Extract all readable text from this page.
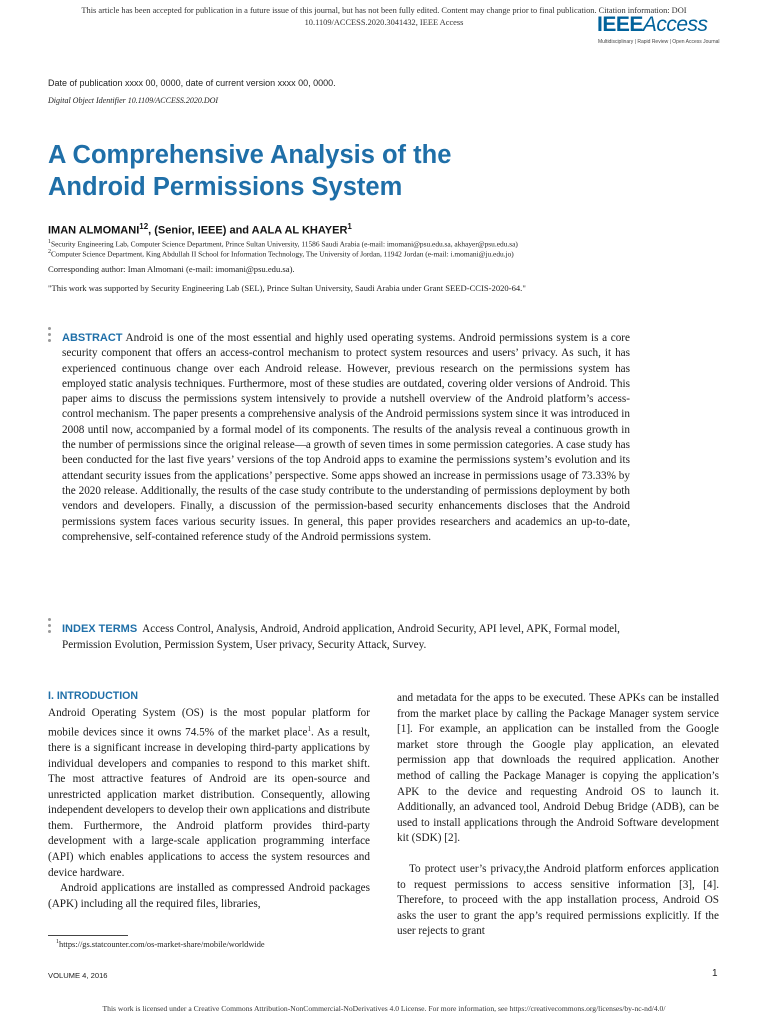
This article has been accepted for publication in a future issue of this journal, but has not been fully edited. Content may change prior to final publication. Citation information: DOI
10.1109/ACCESS.2020.3041432, IEEE Access	IEEEAccess
Multidisciplinary | Rapid Review | Open Access Journal
Date of publication xxxx 00, 0000, date of current version xxxx 00, 0000.
Digital Object Identifier 10.1109/ACCESS.2020.DOI
A Comprehensive Analysis of the
Android Permissions System
IMAN ALMOMANI$^{12}$, (Senior, IEEE) and AALA AL KHAYER$^1$
$^1$Security Engineering Lab, Computer Science Department, Prince Sultan University, 11586 Saudi Arabia (e-mail: imomani@psu.edu.sa, akhayer@psu.edu.sa)
$^2$Computer Science Department, King Abdullah II School for Information Technology, The University of Jordan, 11942 Jordan (e-mail: i.momani@ju.edu.jo)
Corresponding author: Iman Almomani (e-mail: imomani@psu.edu.sa).
"This work was supported by Security Engineering Lab (SEL), Prince Sultan University, Saudi Arabia under Grant SEED-CCIS-2020-64."
ABSTRACT Android is one of the most essential and highly used operating systems. Android permissions system is a core security component that offers an access-control mechanism to protect system resources and users’ privacy. As such, it has experienced continuous change over each Android release. However, previous research on the permissions system has employed static analysis techniques. Furthermore, most of these studies are outdated, covering older versions of Android. This paper aims to discuss the permissions system intensively to provide a nutshell overview of the Android platform’s access-control mechanism. The paper presents a comprehensive analysis of the Android permissions system since it was introduced in 2008 until now, accompanied by a formal model of its components. The results of the analysis reveal a continuous growth in the number of permissions since the original release—a growth of seven times in some permission categories. A case study has been conducted for the last five years’ versions of the top Android apps to examine the permissions system’s evolution and its attendant security issues from the applications’ perspective. Some apps showed an increase in permissions usage of 73.33% by the 2020 release. Additionally, the results of the case study contribute to the understanding of permissions deployment by both vendors and developers. Finally, a discussion of the permission-based security enhancements discloses that the Android permissions system faces various security issues. In general, this paper provides researchers and academics an up-to-date, comprehensive, self-contained reference study of the Android permissions system.
INDEX TERMS Access Control, Analysis, Android, Android application, Android Security, API level, APK, Formal model, Permission Evolution, Permission System, User privacy, Security Attack, Survey.
I. INTRODUCTION

Android Operating System (OS) is the most popular platform for mobile devices since it owns 74.5% of the market place$^1$. As a result, there is a significant increase in developing third-party applications by individual developers and companies to respond to this market shift. The most attractive features of Android are its open-source and unrestricted application market distribution. Consequently, allowing independent developers to develop their own applications and distribute them. Furthermore, the Android platform provides third-party development with a large-scale application programming interface (API) which enables applications to access the system resources and device hardware.

Android applications are installed as compressed Android packages (APK) including all the required files, libraries,

and metadata for the apps to be executed. These APKs can be installed from the market place by calling the Package Manager system service [1]. For example, an application can be installed from the Google market store through the Google play application, an elevated permission app that downloads the required application. Another method of calling the Package Manager is copying the application’s APK to the device and requesting Android OS to launch it. Additionally, an advanced tool, Android Debug Bridge (ADB), can be used to install applications through the Android Software development kit (SDK) [2].

To protect user’s privacy,the Android platform enforces application to request permissions to access sensitive information [3], [4]. Therefore, to proceed with the app installation process, Android OS asks the user to grant the app’s required permissions explicitly. If the user rejects to grant

$^1$https://gs.statcounter.com/os-market-share/mobile/worldwide
VOLUME 4, 2016	1
This work is licensed under a Creative Commons Attribution-NonCommercial-NoDerivatives 4.0 License. For more information, see https://creativecommons.org/licenses/by-nc-nd/4.0/
